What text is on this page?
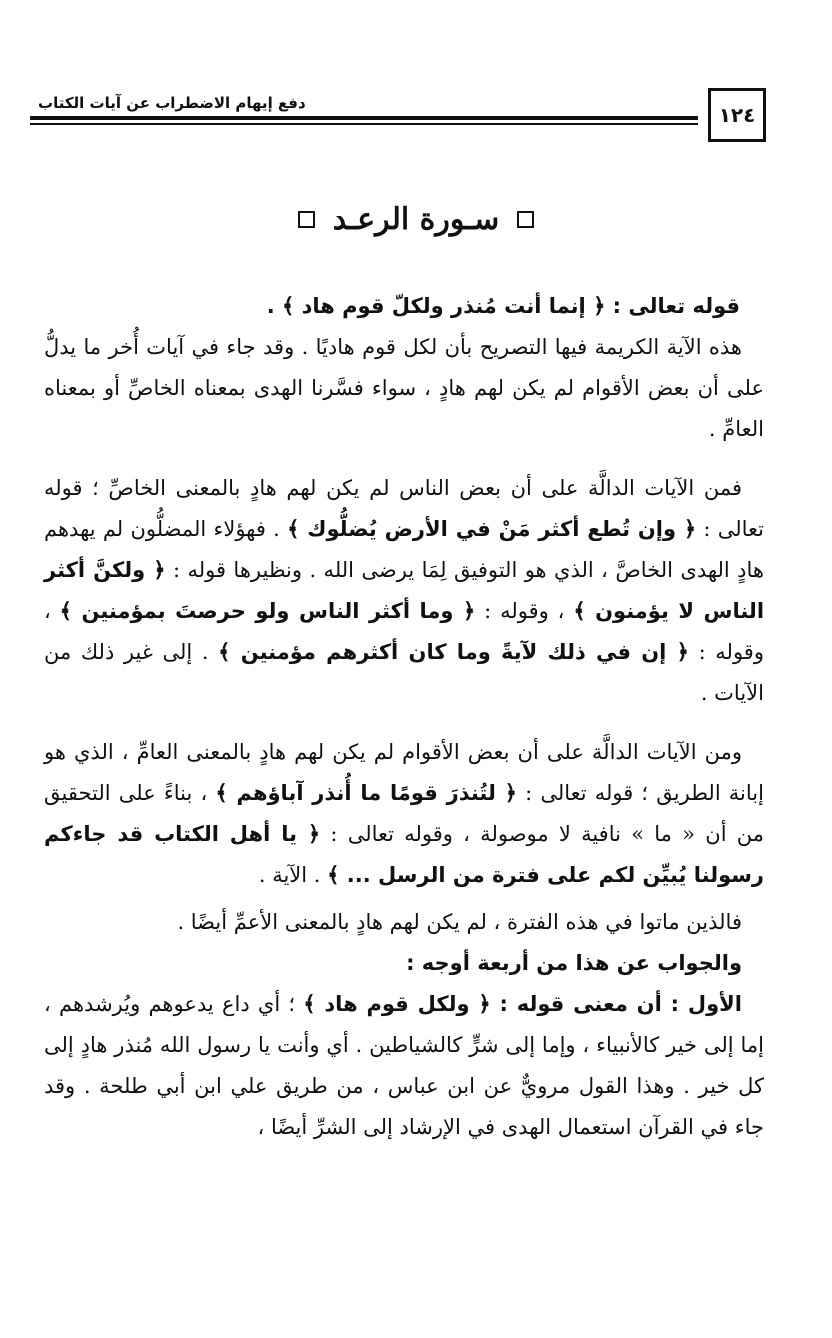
دفع إيهام الاضطراب عن آيات الكتاب	١٢٤
سـورة الرعـد

قوله تعالى : ﴿ إنما أنت مُنذر ولكلّ قوم هاد ﴾ .

هذه الآية الكريمة فيها التصريح بأن لكل قوم هاديًا . وقد جاء في آيات أُخر ما يدلُّ على أن بعض الأقوام لم يكن لهم هادٍ ، سواء فسَّرنا الهدى بمعناه الخاصِّ أو بمعناه العامِّ .

فمن الآيات الدالَّة على أن بعض الناس لم يكن لهم هادٍ بالمعنى الخاصِّ ؛ قوله تعالى : ﴿ وإن تُطع أكثر مَنْ في الأرض يُضلُّوك ﴾ . فهؤلاء المضلُّون لم يهدهم هادٍ الهدى الخاصَّ ، الذي هو التوفيق لِمَا يرضى الله . ونظيرها قوله : ﴿ ولكنَّ أكثر الناس لا يؤمنون ﴾ ، وقوله : ﴿ وما أكثر الناس ولو حرصتَ بمؤمنين ﴾ ، وقوله : ﴿ إن في ذلك لآيةً وما كان أكثرهم مؤمنين ﴾ . إلى غير ذلك من الآيات .

ومن الآيات الدالَّة على أن بعض الأقوام لم يكن لهم هادٍ بالمعنى العامِّ ، الذي هو إبانة الطريق ؛ قوله تعالى : ﴿ لتُنذرَ قومًا ما أُنذر آباؤهم ﴾ ، بناءً على التحقيق من أن « ما » نافية لا موصولة ، وقوله تعالى : ﴿ يا أهل الكتاب قد جاءكم رسولنا يُبيِّن لكم على فترة من الرسل ... ﴾ . الآية .

فالذين ماتوا في هذه الفترة ، لم يكن لهم هادٍ بالمعنى الأعمِّ أيضًا .

والجواب عن هذا من أربعة أوجه :

الأول : أن معنى قوله : ﴿ ولكل قوم هاد ﴾ ؛ أي داع يدعوهم ويُرشدهم ، إما إلى خير كالأنبياء ، وإما إلى شرٍّ كالشياطين . أي وأنت يا رسول الله مُنذر هادٍ إلى كل خير . وهذا القول مرويٌّ عن ابن عباس ، من طريق علي ابن أبي طلحة . وقد جاء في القرآن استعمال الهدى في الإرشاد إلى الشرِّ أيضًا ،
